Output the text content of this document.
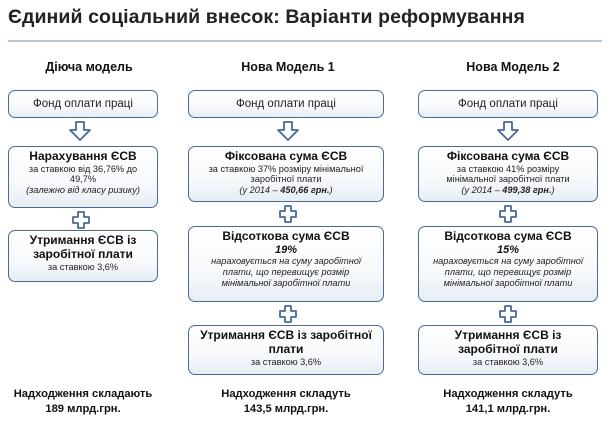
Єдиний соціальний внесок: Варіанти реформування
Діюча модель
Фонд оплати праці
Нарахування ЄСВ
за ставкою від 36,76% до
49,7%
(залежно від класу ризику)
Утримання ЄСВ із
заробітної плати
за ставкою 3,6%
Надходження складають
189 млрд.грн.
Нова Модель 1
Фонд оплати праці
Фіксована сума ЄСВ
за ставкою 37% розміру мінімальної
заробітної плати
(у 2014 – 450,66 грн.)
Відсоткова сума ЄСВ
19%
нараховується на суму заробітної
плати, що перевищує розмір
мінімальної заробітної плати
Утримання ЄСВ із заробітної
плати
за ставкою 3,6%
Надходження складуть
143,5 млрд.грн.
Нова Модель 2
Фонд оплати праці
Фіксована сума ЄСВ
за ставкою 41% розміру
мінімальної заробітної плати
(у 2014 – 499,38 грн.)
Відсоткова сума ЄСВ
15%
нараховується на суму заробітної
плати, що перевищує розмір
мінімальної заробітної плати
Утримання ЄСВ із
заробітної плати
за ставкою 3,6%
Надходження складуть
141,1 млрд.грн.
